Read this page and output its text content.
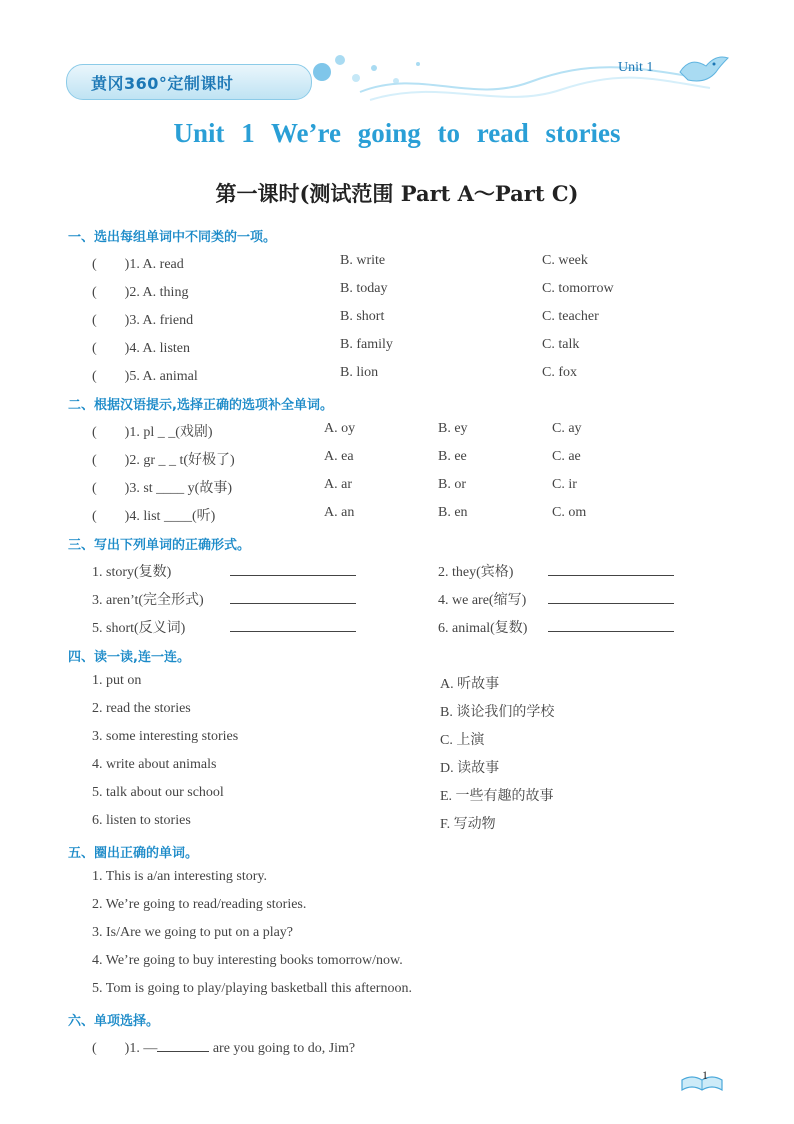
黄冈360°定制课时
Unit 1
Unit 1 We’re going to read stories
第一课时(测试范围 Part A～Part C)
一、选出每组单词中不同类的一项。
(　　)1. A. read	B. write	C. week
(　　)2. A. thing	B. today	C. tomorrow
(　　)3. A. friend	B. short	C. teacher
(　　)4. A. listen	B. family	C. talk
(　　)5. A. animal	B. lion	C. fox
二、根据汉语提示,选择正确的选项补全单词。
(　　)1. pl _ _(戏剧)	A. oy	B. ey	C. ay
(　　)2. gr _ _ t(好极了)	A. ea	B. ee	C. ae
(　　)3. st ____ y(故事)	A. ar	B. or	C. ir
(　　)4. list ____(听)	A. an	B. en	C. om
三、写出下列单词的正确形式。
1. story(复数)	2. they(宾格)
3. aren’t(完全形式)	4. we are(缩写)
5. short(反义词)	6. animal(复数)
四、读一读,连一连。
1. put on	A. 听故事
2. read the stories	B. 谈论我们的学校
3. some interesting stories	C. 上演
4. write about animals	D. 读故事
5. talk about our school	E. 一些有趣的故事
6. listen to stories	F. 写动物
五、圈出正确的单词。
1. This is a/an interesting story.
2. We’re going to read/reading stories.
3. Is/Are we going to put on a play?
4. We’re going to buy interesting books tomorrow/now.
5. Tom is going to play/playing basketball this afternoon.
六、单项选择。
(　　)1. —	are you going to do, Jim?
1
